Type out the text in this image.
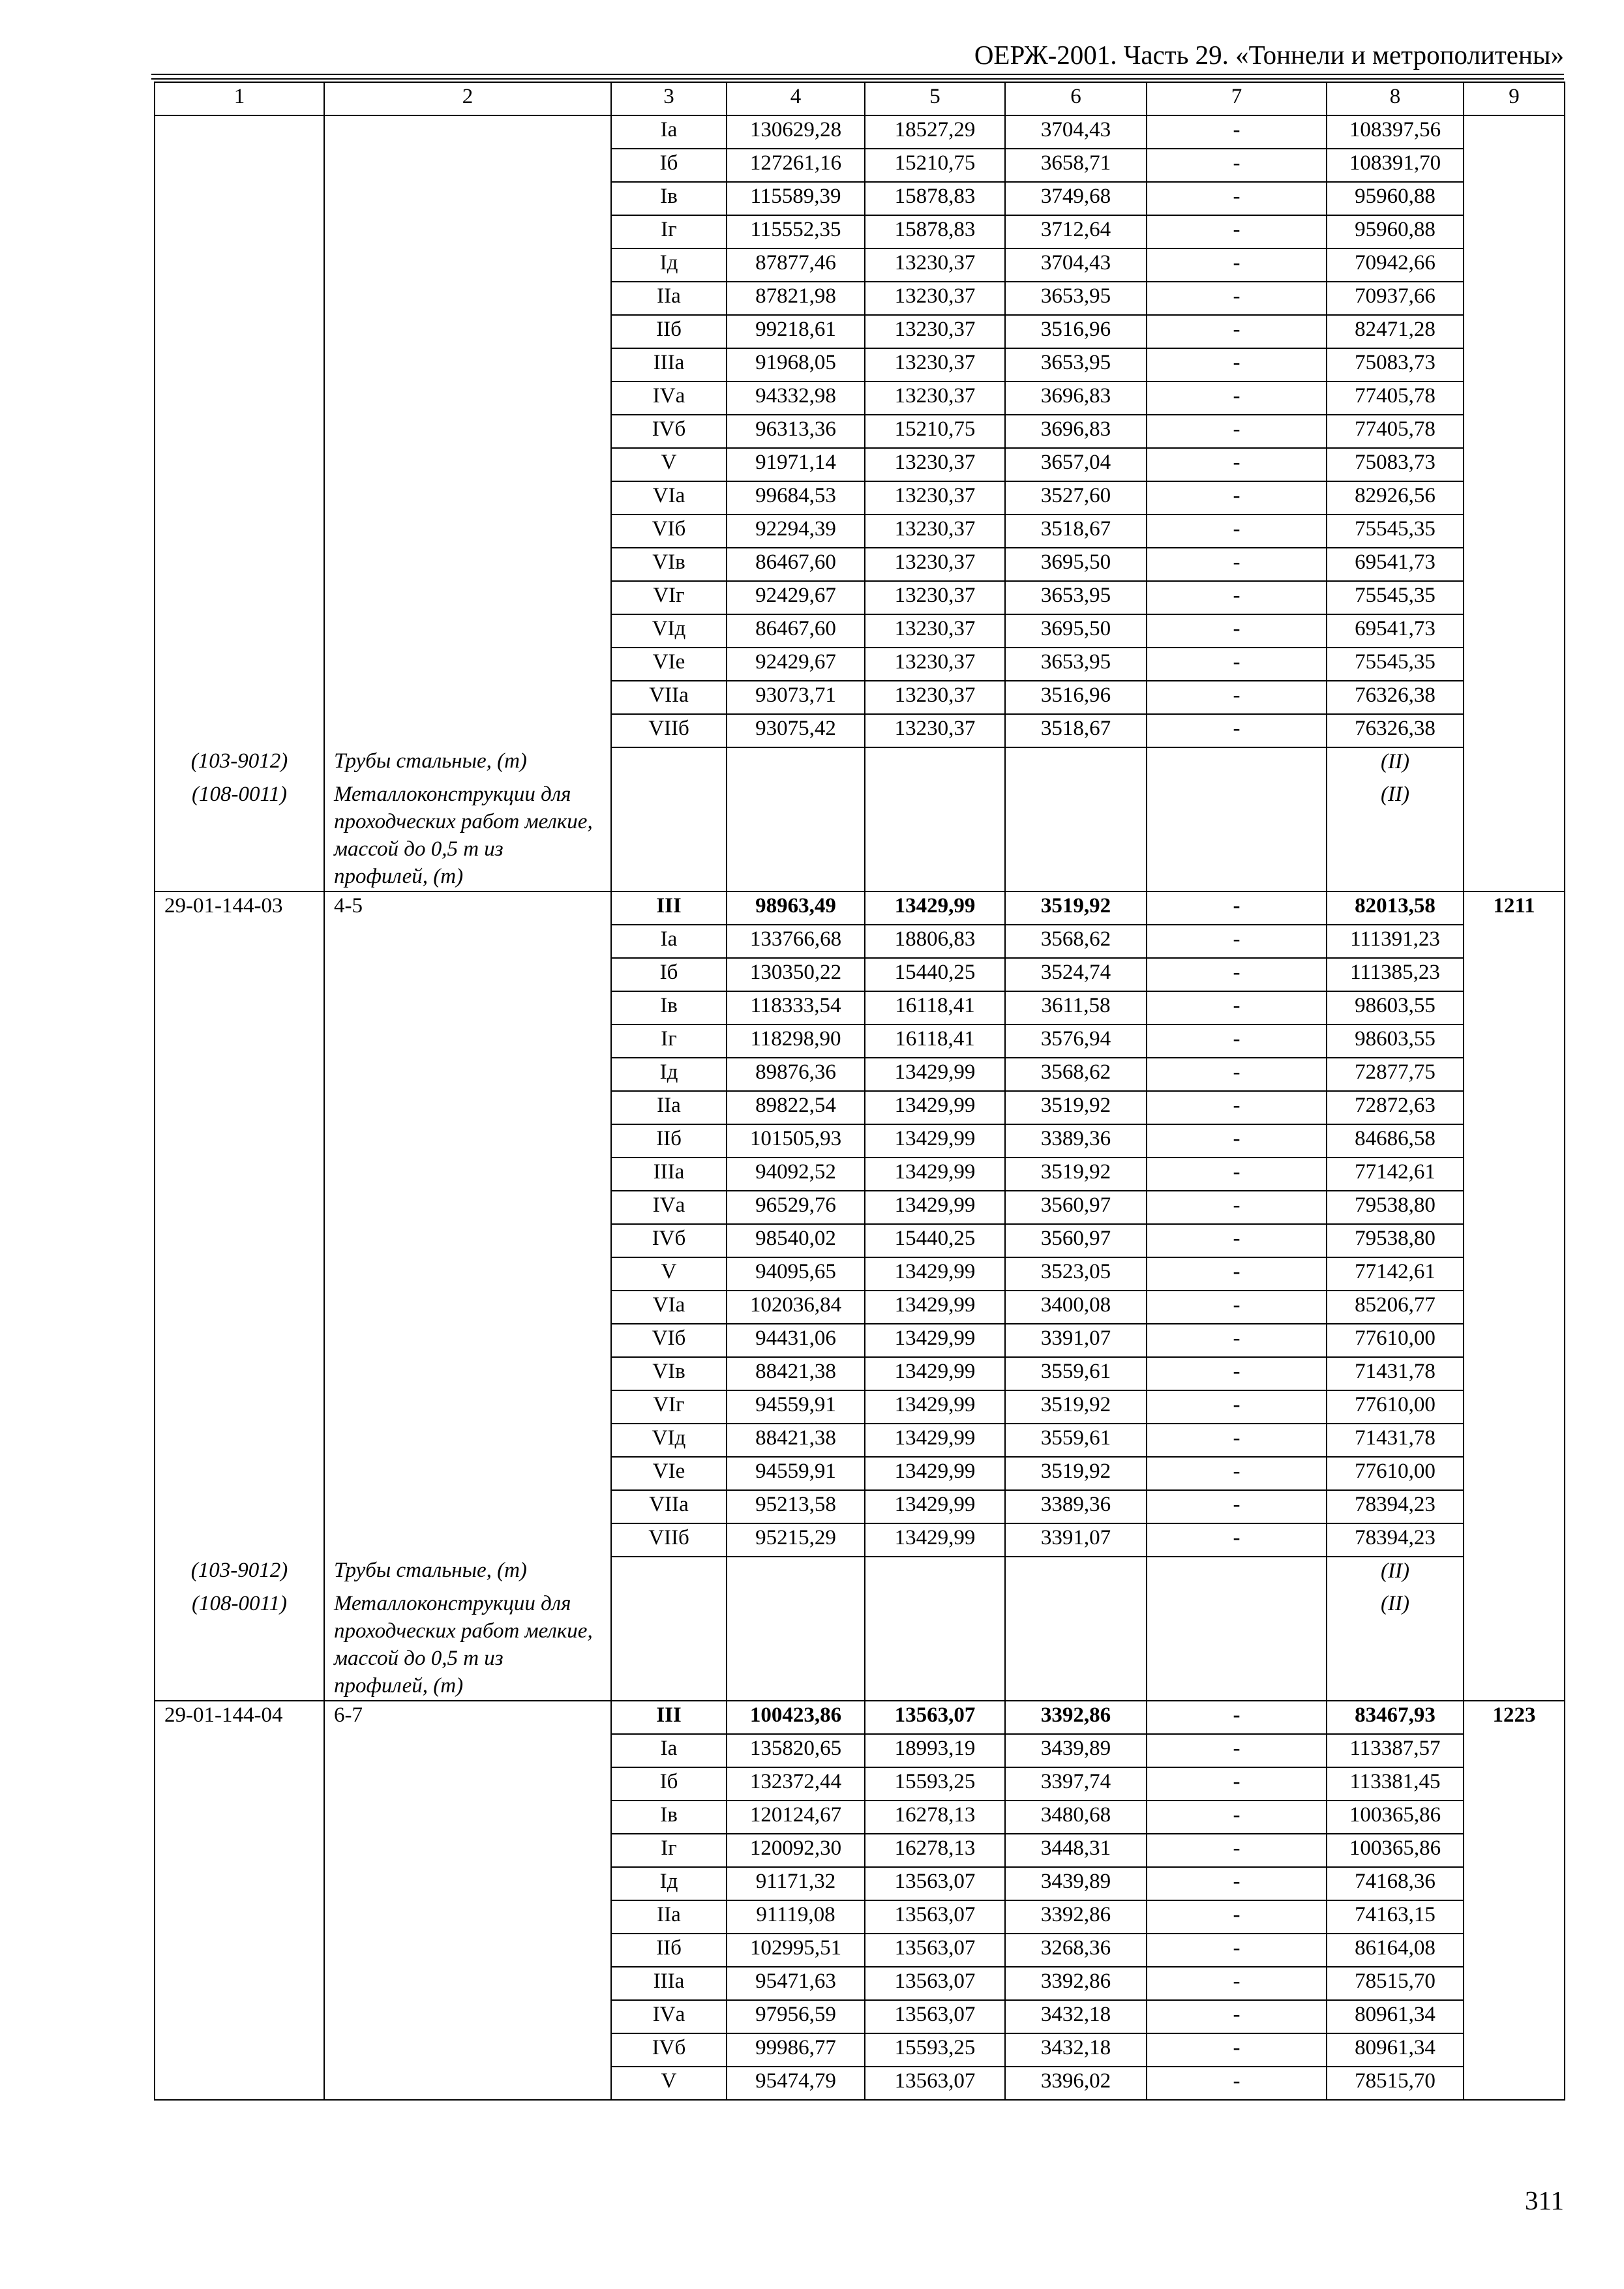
ОЕРЖ-2001. Часть 29. «Тоннели и метрополитены»
1	2	3	4	5	6	7	8	9
		Iа	130629,28	18527,29	3704,43	-	108397,56	
		Iб	127261,16	15210,75	3658,71	-	108391,70	
		Iв	115589,39	15878,83	3749,68	-	95960,88	
		Iг	115552,35	15878,83	3712,64	-	95960,88	
		Iд	87877,46	13230,37	3704,43	-	70942,66	
		IIа	87821,98	13230,37	3653,95	-	70937,66	
		IIб	99218,61	13230,37	3516,96	-	82471,28	
		IIIа	91968,05	13230,37	3653,95	-	75083,73	
		IVа	94332,98	13230,37	3696,83	-	77405,78	
		IVб	96313,36	15210,75	3696,83	-	77405,78	
		V	91971,14	13230,37	3657,04	-	75083,73	
		VIа	99684,53	13230,37	3527,60	-	82926,56	
		VIб	92294,39	13230,37	3518,67	-	75545,35	
		VIв	86467,60	13230,37	3695,50	-	69541,73	
		VIг	92429,67	13230,37	3653,95	-	75545,35	
		VIд	86467,60	13230,37	3695,50	-	69541,73	
		VIе	92429,67	13230,37	3653,95	-	75545,35	
		VIIа	93073,71	13230,37	3516,96	-	76326,38	
		VIIб	93075,42	13230,37	3518,67	-	76326,38	
(103-9012)	Трубы стальные, (т)						(II)	
(108-0011)	Металлоконструкции для проходческих работ мелкие, массой до 0,5 т из профилей, (т)						(II)	
29-01-144-03	4-5	III	98963,49	13429,99	3519,92	-	82013,58	1211
		Iа	133766,68	18806,83	3568,62	-	111391,23	
		Iб	130350,22	15440,25	3524,74	-	111385,23	
		Iв	118333,54	16118,41	3611,58	-	98603,55	
		Iг	118298,90	16118,41	3576,94	-	98603,55	
		Iд	89876,36	13429,99	3568,62	-	72877,75	
		IIа	89822,54	13429,99	3519,92	-	72872,63	
		IIб	101505,93	13429,99	3389,36	-	84686,58	
		IIIа	94092,52	13429,99	3519,92	-	77142,61	
		IVа	96529,76	13429,99	3560,97	-	79538,80	
		IVб	98540,02	15440,25	3560,97	-	79538,80	
		V	94095,65	13429,99	3523,05	-	77142,61	
		VIа	102036,84	13429,99	3400,08	-	85206,77	
		VIб	94431,06	13429,99	3391,07	-	77610,00	
		VIв	88421,38	13429,99	3559,61	-	71431,78	
		VIг	94559,91	13429,99	3519,92	-	77610,00	
		VIд	88421,38	13429,99	3559,61	-	71431,78	
		VIе	94559,91	13429,99	3519,92	-	77610,00	
		VIIа	95213,58	13429,99	3389,36	-	78394,23	
		VIIб	95215,29	13429,99	3391,07	-	78394,23	
(103-9012)	Трубы стальные, (т)						(II)	
(108-0011)	Металлоконструкции для проходческих работ мелкие, массой до 0,5 т из профилей, (т)						(II)	
29-01-144-04	6-7	III	100423,86	13563,07	3392,86	-	83467,93	1223
		Iа	135820,65	18993,19	3439,89	-	113387,57	
		Iб	132372,44	15593,25	3397,74	-	113381,45	
		Iв	120124,67	16278,13	3480,68	-	100365,86	
		Iг	120092,30	16278,13	3448,31	-	100365,86	
		Iд	91171,32	13563,07	3439,89	-	74168,36	
		IIа	91119,08	13563,07	3392,86	-	74163,15	
		IIб	102995,51	13563,07	3268,36	-	86164,08	
		IIIа	95471,63	13563,07	3392,86	-	78515,70	
		IVа	97956,59	13563,07	3432,18	-	80961,34	
		IVб	99986,77	15593,25	3432,18	-	80961,34	
		V	95474,79	13563,07	3396,02	-	78515,70	
311
